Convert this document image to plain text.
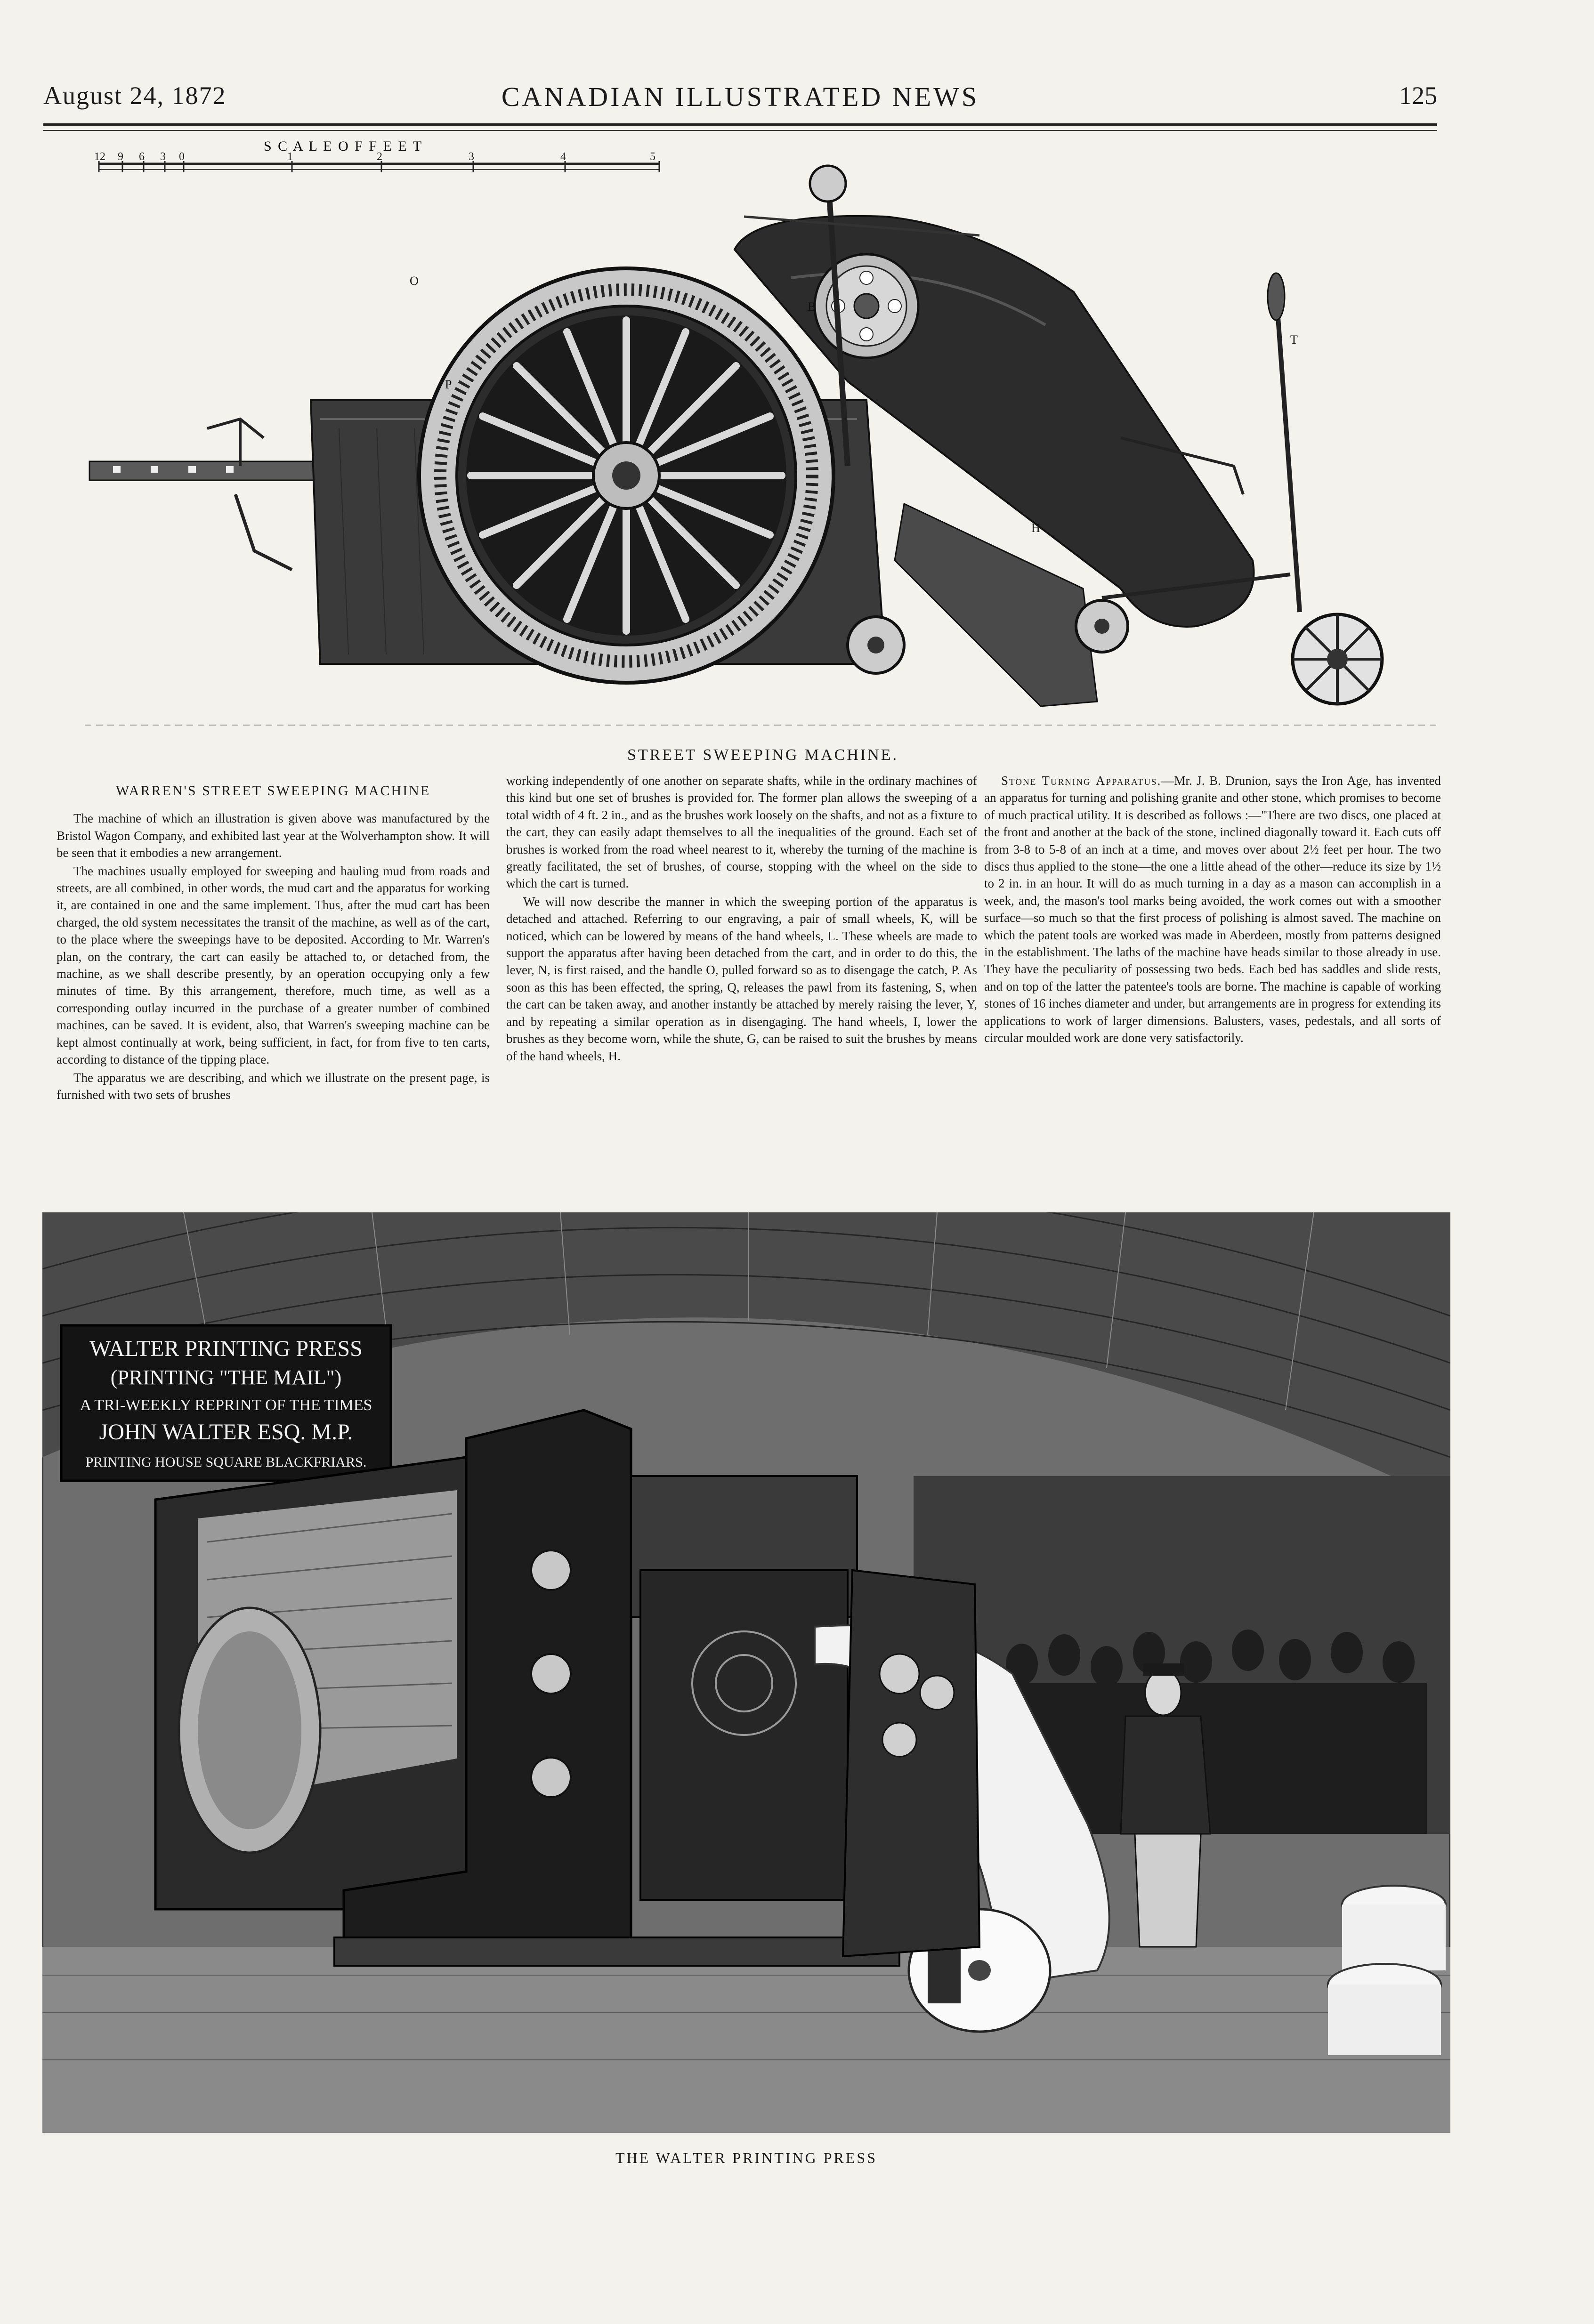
August 24, 1872	CANADIAN ILLUSTRATED NEWS	125
S C A L E O F F E E T
12 9 6 3 0	1	2	3	4	5
O
P
B
T
H
STREET SWEEPING MACHINE.
WARREN'S STREET SWEEPING MACHINE

The machine of which an illustration is given above was manufactured by the Bristol Wagon Company, and exhibited last year at the Wolverhampton show. It will be seen that it embodies a new arrangement.

The machines usually employed for sweeping and hauling mud from roads and streets, are all combined, in other words, the mud cart and the apparatus for working it, are contained in one and the same implement. Thus, after the mud cart has been charged, the old system necessitates the transit of the machine, as well as of the cart, to the place where the sweepings have to be deposited. According to Mr. Warren's plan, on the contrary, the cart can easily be attached to, or detached from, the machine, as we shall describe presently, by an operation occupying only a few minutes of time. By this arrangement, therefore, much time, as well as a corresponding outlay incurred in the purchase of a greater number of combined machines, can be saved. It is evident, also, that Warren's sweeping machine can be kept almost continually at work, being sufficient, in fact, for from five to ten carts, according to distance of the tipping place.

The apparatus we are describing, and which we illustrate on the present page, is furnished with two sets of brushes

working independently of one another on separate shafts, while in the ordinary machines of this kind but one set of brushes is provided for. The former plan allows the sweeping of a total width of 4 ft. 2 in., and as the brushes work loosely on the shafts, and not as a fixture to the cart, they can easily adapt themselves to all the inequalities of the ground. Each set of brushes is worked from the road wheel nearest to it, whereby the turning of the machine is greatly facilitated, the set of brushes, of course, stopping with the wheel on the side to which the cart is turned.

We will now describe the manner in which the sweeping portion of the apparatus is detached and attached. Referring to our engraving, a pair of small wheels, K, will be noticed, which can be lowered by means of the hand wheels, L. These wheels are made to support the apparatus after having been detached from the cart, and in order to do this, the lever, N, is first raised, and the handle O, pulled forward so as to disengage the catch, P. As soon as this has been effected, the spring, Q, releases the pawl from its fastening, S, when the cart can be taken away, and another instantly be attached by merely raising the lever, Y, and by repeating a similar operation as in disengaging. The hand wheels, I, lower the brushes as they become worn, while the shute, G, can be raised to suit the brushes by means of the hand wheels, H.

Stone Turning Apparatus.—Mr. J. B. Drunion, says the Iron Age, has invented an apparatus for turning and polishing granite and other stone, which promises to become of much practical utility. It is described as follows :—"There are two discs, one placed at the front and another at the back of the stone, inclined diagonally toward it. Each cuts off from 3-8 to 5-8 of an inch at a time, and moves over about 2½ feet per hour. The two discs thus applied to the stone—the one a little ahead of the other—reduce its size by 1½ to 2 in. in an hour. It will do as much turning in a day as a mason can accomplish in a week, and, the mason's tool marks being avoided, the work comes out with a smoother surface—so much so that the first process of polishing is almost saved. The machine on which the patent tools are worked was made in Aberdeen, mostly from patterns designed in the establishment. The laths of the machine have heads similar to those already in use. They have the peculiarity of possessing two beds. Each bed has saddles and slide rests, and on top of the latter the patentee's tools are borne. The machine is capable of working stones of 16 inches diameter and under, but arrangements are in progress for extending its applications to work of larger dimensions. Balusters, vases, pedestals, and all sorts of circular moulded work are done very satisfactorily.

WALTER PRINTING PRESS
(PRINTING "THE MAIL")
A TRI-WEEKLY REPRINT OF THE TIMES
JOHN WALTER ESQ. M.P.
PRINTING HOUSE SQUARE BLACKFRIARS.
THE WALTER PRINTING PRESS
